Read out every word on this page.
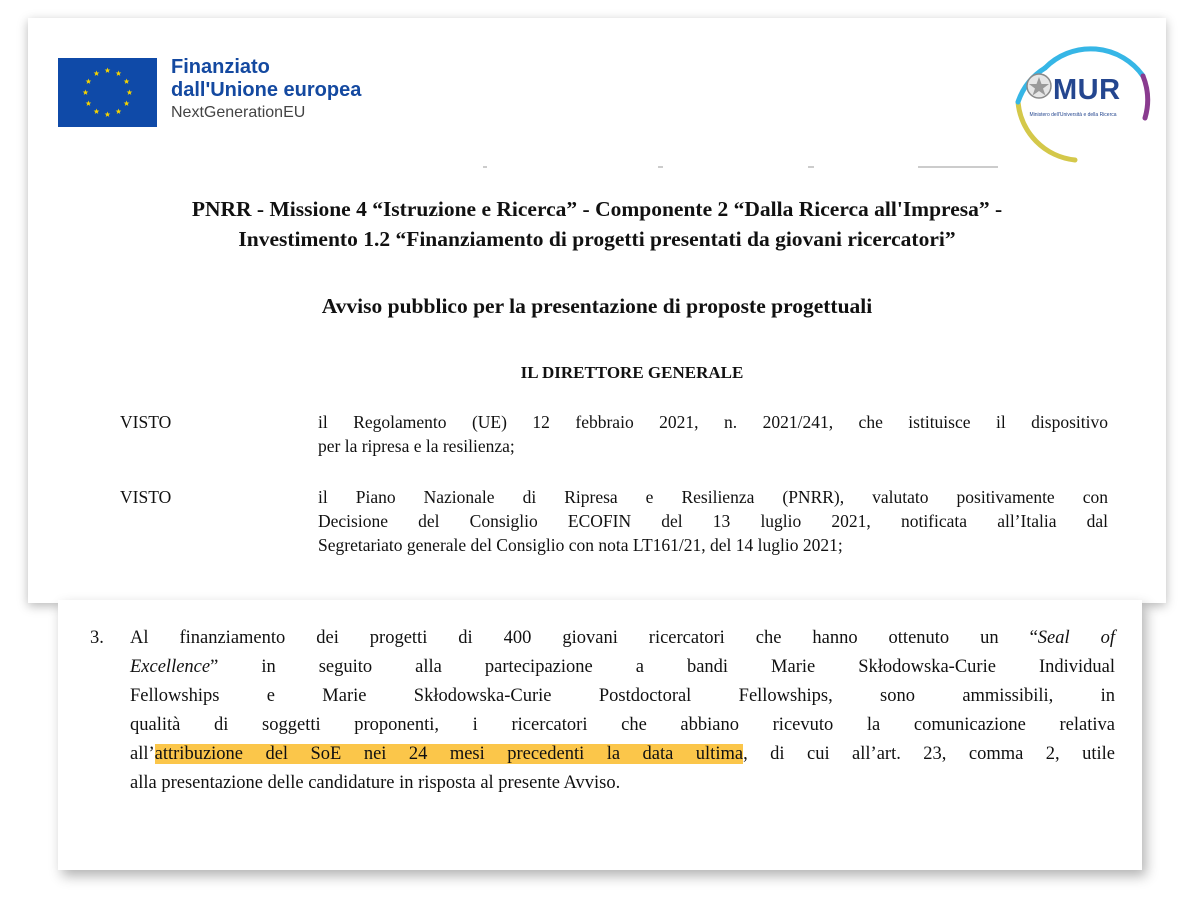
Finanziato
dall'Unione europea
NextGenerationEU
MUR
Ministero dell'Università e della Ricerca
PNRR - Missione 4 “Istruzione e Ricerca” - Componente 2 “Dalla Ricerca all'Impresa” -
Investimento 1.2 “Finanziamento di progetti presentati da giovani ricercatori”
Avviso pubblico per la presentazione di proposte progettuali
IL DIRETTORE GENERALE
VISTO	il Regolamento (UE) 12 febbraio 2021, n. 2021/241, che istituisce il dispositivo
per la ripresa e la resilienza;
VISTO	il Piano Nazionale di Ripresa e Resilienza (PNRR), valutato positivamente con
Decisione del Consiglio ECOFIN del 13 luglio 2021, notificata all’Italia dal
Segretariato generale del Consiglio con nota LT161/21, del 14 luglio 2021;
3. Al finanziamento dei progetti di 400 giovani ricercatori che hanno ottenuto un “Seal of
Excellence” in seguito alla partecipazione a bandi Marie Skłodowska-Curie Individual
Fellowships e Marie Skłodowska-Curie Postdoctoral Fellowships, sono ammissibili, in
qualità di soggetti proponenti, i ricercatori che abbiano ricevuto la comunicazione relativa
all’attribuzione del SoE nei 24 mesi precedenti la data ultima, di cui all’art. 23, comma 2, utile
alla presentazione delle candidature in risposta al presente Avviso.
